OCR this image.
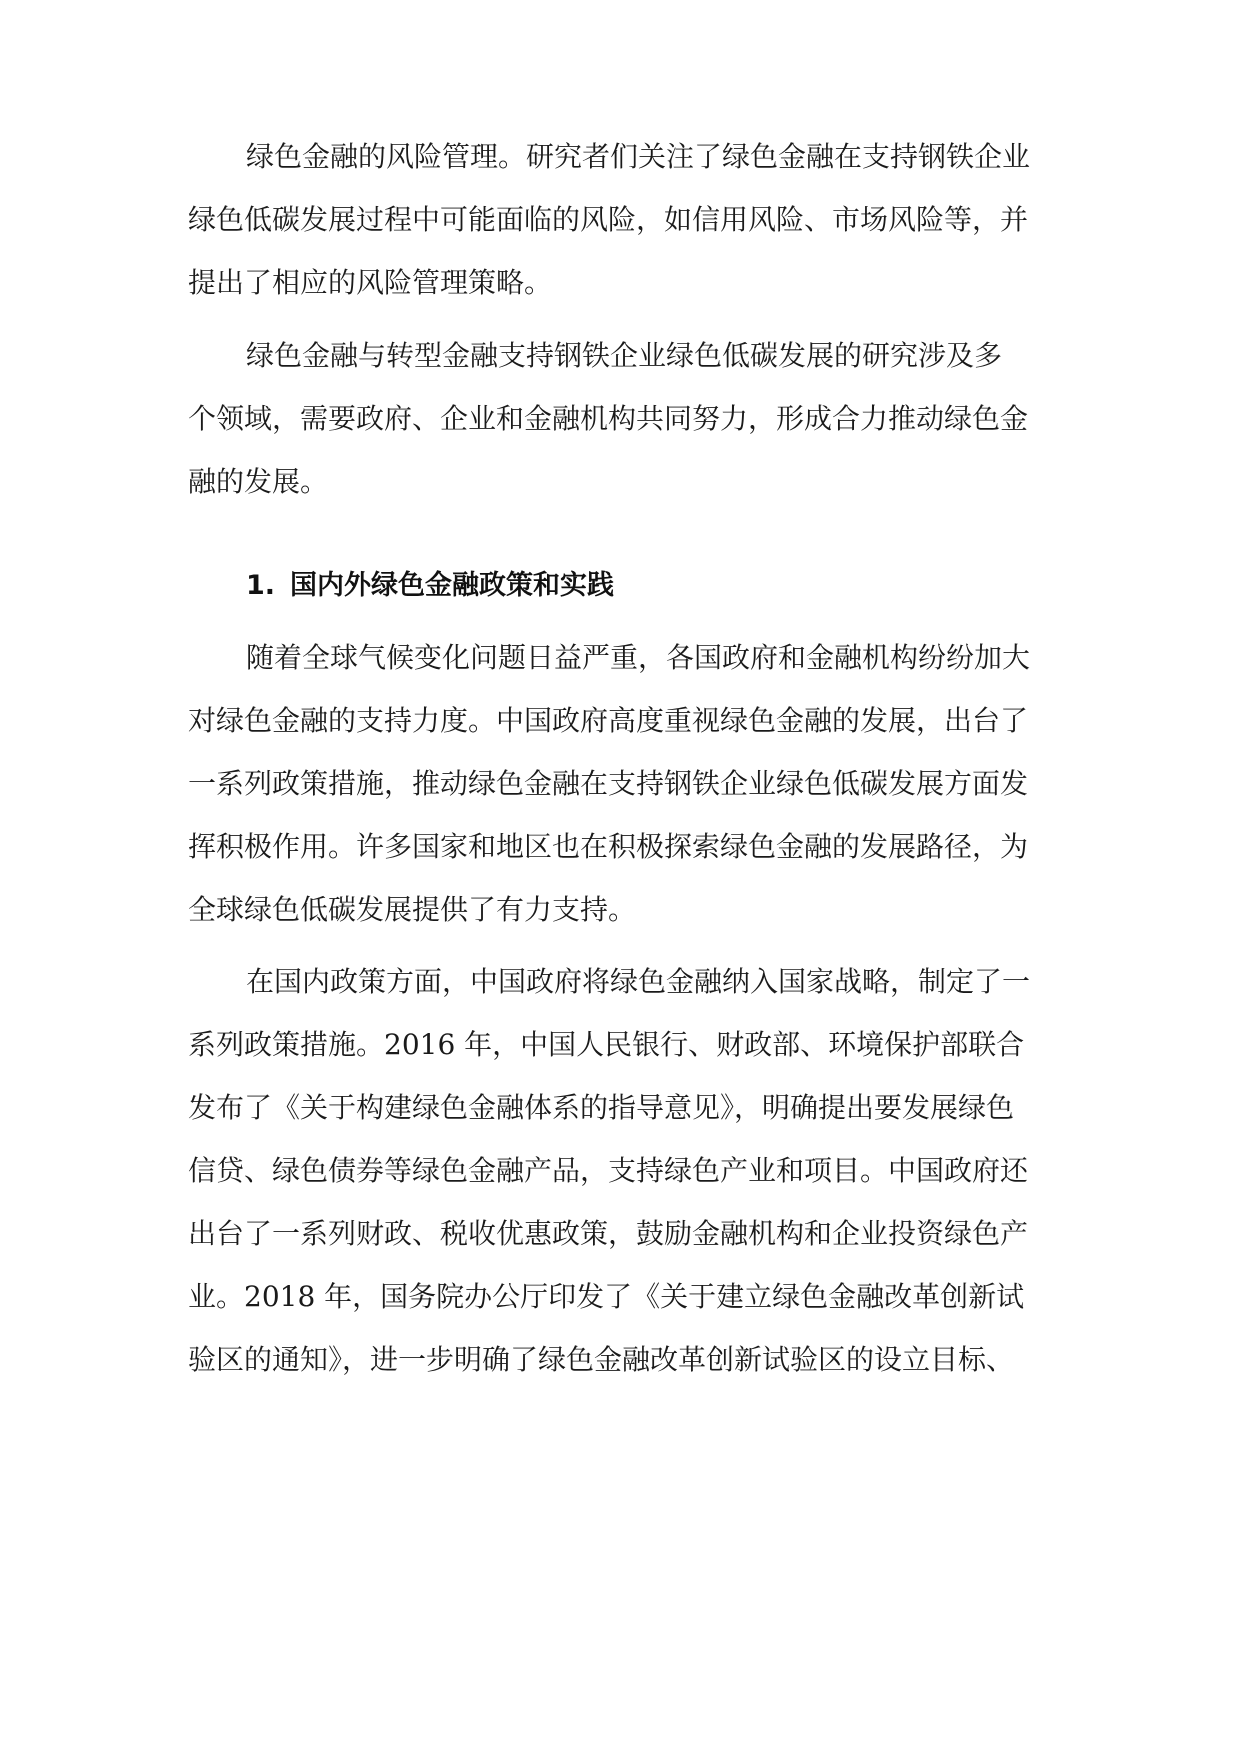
绿色金融的风险管理。研究者们关注了绿色金融在支持钢铁企业

绿色低碳发展过程中可能面临的风险，如信用风险、市场风险等，并

提出了相应的风险管理策略。

绿色金融与转型金融支持钢铁企业绿色低碳发展的研究涉及多

个领域，需要政府、企业和金融机构共同努力，形成合力推动绿色金

融的发展。

1. 国内外绿色金融政策和实践

随着全球气候变化问题日益严重，各国政府和金融机构纷纷加大

对绿色金融的支持力度。中国政府高度重视绿色金融的发展，出台了

一系列政策措施，推动绿色金融在支持钢铁企业绿色低碳发展方面发

挥积极作用。许多国家和地区也在积极探索绿色金融的发展路径，为

全球绿色低碳发展提供了有力支持。

在国内政策方面，中国政府将绿色金融纳入国家战略，制定了一

系列政策措施。2016 年，中国人民银行、财政部、环境保护部联合

发布了《关于构建绿色金融体系的指导意见》，明确提出要发展绿色

信贷、绿色债券等绿色金融产品，支持绿色产业和项目。中国政府还

出台了一系列财政、税收优惠政策，鼓励金融机构和企业投资绿色产

业。2018 年，国务院办公厅印发了《关于建立绿色金融改革创新试

验区的通知》，进一步明确了绿色金融改革创新试验区的设立目标、
